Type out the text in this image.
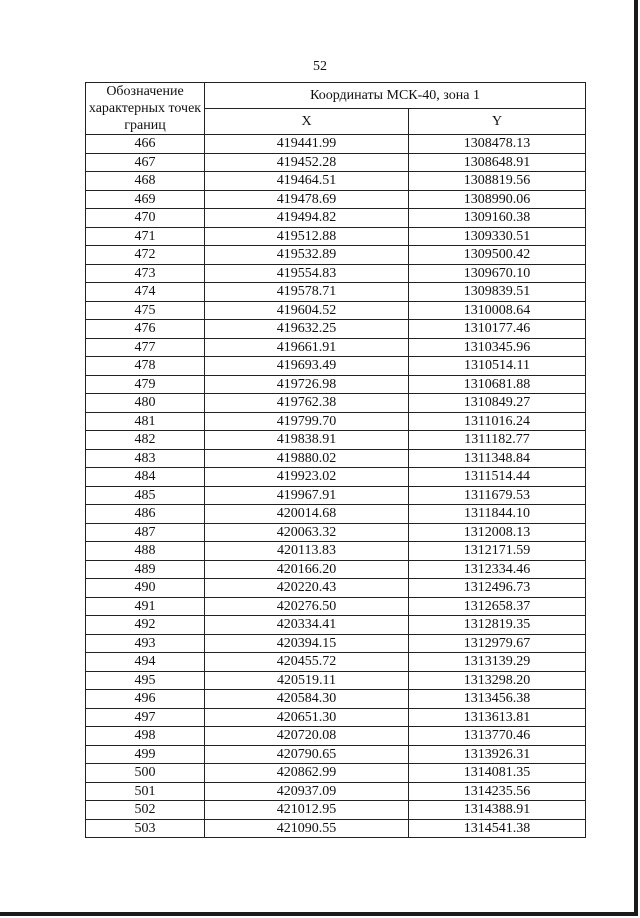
52
Обозначение характерных точек границ	Координаты МСК-40, зона 1	
	X	Y
466	419441.99	1308478.13
467	419452.28	1308648.91
468	419464.51	1308819.56
469	419478.69	1308990.06
470	419494.82	1309160.38
471	419512.88	1309330.51
472	419532.89	1309500.42
473	419554.83	1309670.10
474	419578.71	1309839.51
475	419604.52	1310008.64
476	419632.25	1310177.46
477	419661.91	1310345.96
478	419693.49	1310514.11
479	419726.98	1310681.88
480	419762.38	1310849.27
481	419799.70	1311016.24
482	419838.91	1311182.77
483	419880.02	1311348.84
484	419923.02	1311514.44
485	419967.91	1311679.53
486	420014.68	1311844.10
487	420063.32	1312008.13
488	420113.83	1312171.59
489	420166.20	1312334.46
490	420220.43	1312496.73
491	420276.50	1312658.37
492	420334.41	1312819.35
493	420394.15	1312979.67
494	420455.72	1313139.29
495	420519.11	1313298.20
496	420584.30	1313456.38
497	420651.30	1313613.81
498	420720.08	1313770.46
499	420790.65	1313926.31
500	420862.99	1314081.35
501	420937.09	1314235.56
502	421012.95	1314388.91
503	421090.55	1314541.38
